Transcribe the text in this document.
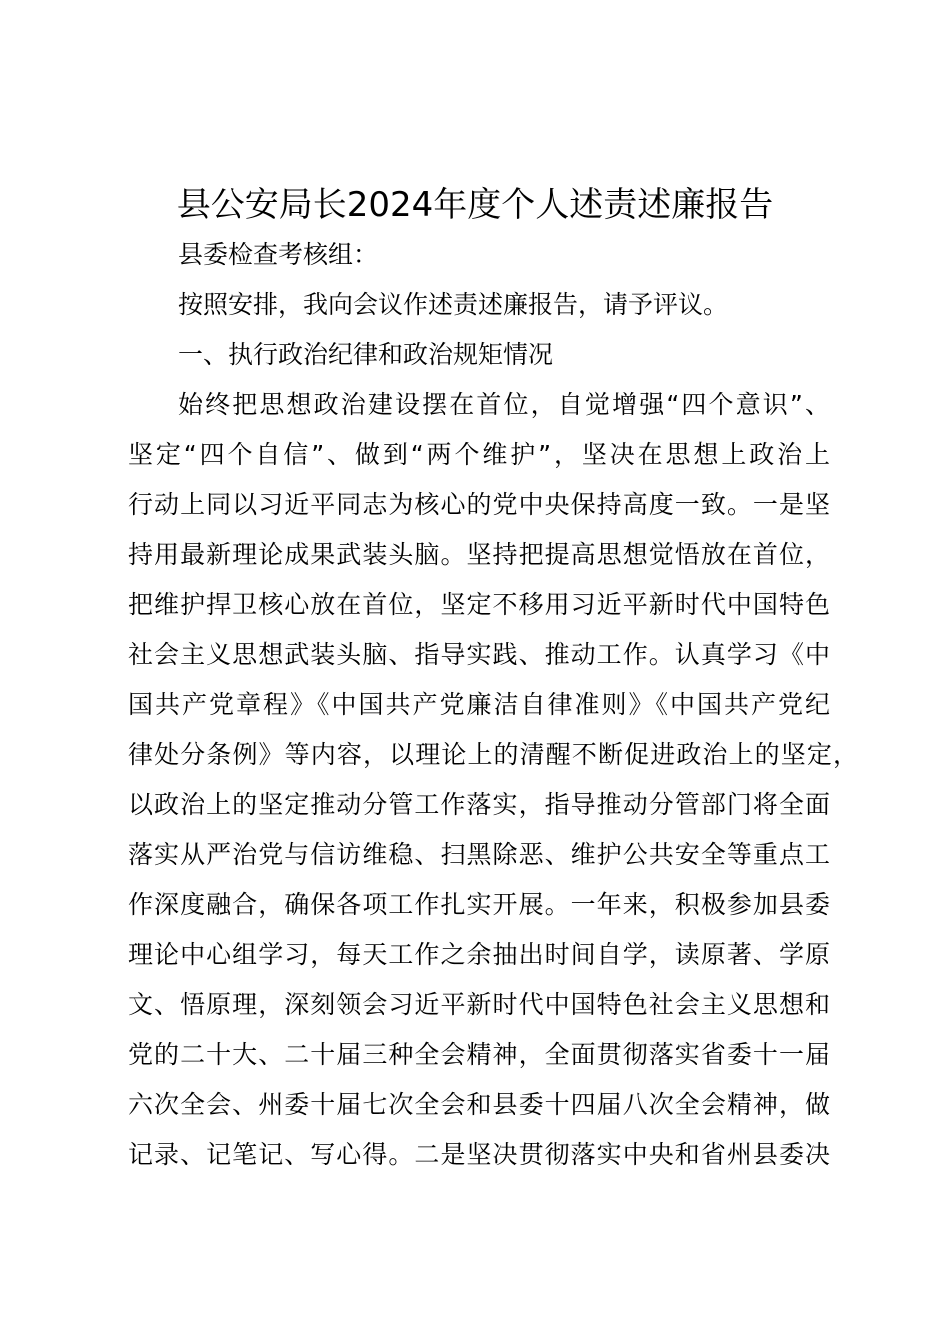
县公安局长2024年度个人述责述廉报告
县委检查考核组：
按照安排，我向会议作述责述廉报告，请予评议。
一、执行政治纪律和政治规矩情况
始终把思想政治建设摆在首位，自觉增强“四个意识”、
坚定“四个自信”、做到“两个维护”，坚决在思想上政治上
行动上同以习近平同志为核心的党中央保持高度一致。一是坚
持用最新理论成果武装头脑。坚持把提高思想觉悟放在首位，
把维护捍卫核心放在首位，坚定不移用习近平新时代中国特色
社会主义思想武装头脑、指导实践、推动工作。认真学习《中
国共产党章程》《中国共产党廉洁自律准则》《中国共产党纪
律处分条例》等内容，以理论上的清醒不断促进政治上的坚定，
以政治上的坚定推动分管工作落实，指导推动分管部门将全面
落实从严治党与信访维稳、扫黑除恶、维护公共安全等重点工
作深度融合，确保各项工作扎实开展。一年来，积极参加县委
理论中心组学习，每天工作之余抽出时间自学，读原著、学原
文、悟原理，深刻领会习近平新时代中国特色社会主义思想和
党的二十大、二十届三种全会精神，全面贯彻落实省委十一届
六次全会、州委十届七次全会和县委十四届八次全会精神，做
记录、记笔记、写心得。二是坚决贯彻落实中央和省州县委决
